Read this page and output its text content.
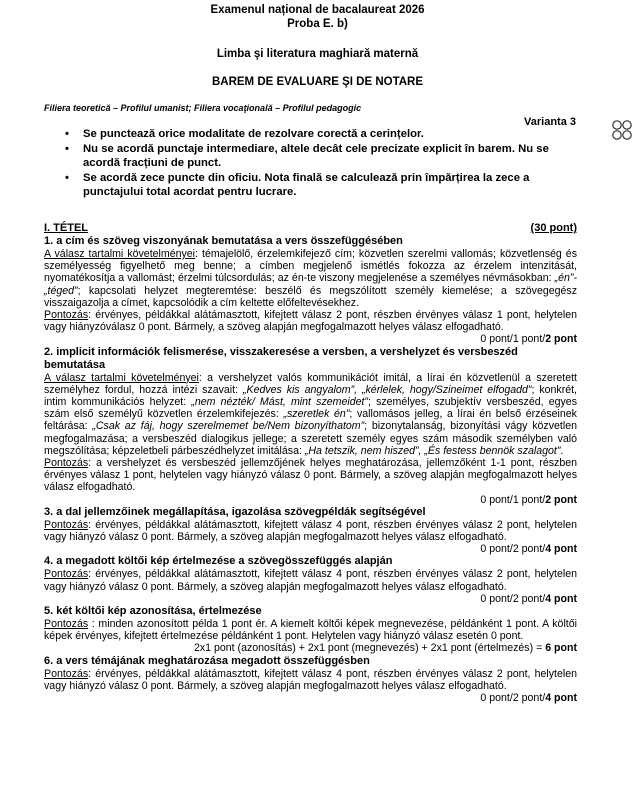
Examenul național de bacalaureat 2026
Proba E. b)
Limba şi literatura maghiară maternă
BAREM DE EVALUARE ŞI DE NOTARE
Filiera teoretică – Profilul umanist; Filiera vocaţională – Profilul pedagogic
Varianta 3
• Se punctează orice modalitate de rezolvare corectă a cerințelor.
• Nu se acordă punctaje intermediare, altele decât cele precizate explicit în barem. Nu se acordă fracțiuni de punct.
• Se acordă zece puncte din oficiu. Nota finală se calculează prin împărțirea la zece a punctajului total acordat pentru lucrare.
I. TÉTEL	(30 pont)
1. a cím és szöveg viszonyának bemutatása a vers összefüggésében
A válasz tartalmi követelményei: témajelölő, érzelemkifejező cím; közvetlen szerelmi vallomás; közvetlenség és személyesség figyelhető meg benne; a címben megjelenő ismétlés fokozza az érzelem intenzitását, nyomatékosítja a vallomást; érzelmi túlcsordulás; az én-te viszony megjelenése a személyes névmásokban: „én”-„téged”; kapcsolati helyzet megteremtése: beszélő és megszólított személy kiemelése; a szövegegész visszaigazolja a címet, kapcsolódik a cím keltette előfeltevésekhez.
Pontozás: érvényes, példákkal alátámasztott, kifejtett válasz 2 pont, részben érvényes válasz 1 pont, helytelen vagy hiányzóválasz 0 pont. Bármely, a szöveg alapján megfogalmazott helyes válasz elfogadható.
0 pont/1 pont/2 pont
2. implicit információk felismerése, visszakeresése a versben, a vershelyzet és versbeszéd bemutatása
A válasz tartalmi követelményei: a vershelyzet valós kommunikációt imitál, a lírai én közvetlenül a szeretett személyhez fordul, hozzá intézi szavait: „Kedves kis angyalom”, „kérlelek, hogy/Szineimet elfogadd”; konkrét, intim kommunikációs helyzet: „nem nézték/ Mást, mint szemeidet”; személyes, szubjektív versbeszéd, egyes szám első személyű közvetlen érzelemkifejezés: „szeretlek én”; vallomásos jelleg, a lírai én belső érzéseinek feltárása: „Csak az fáj, hogy szerelmemet be/Nem bizonyíthatom”; bizonytalanság, bizonyítási vágy közvetlen megfogalmazása; a versbeszéd dialogikus jellege; a szeretett személy egyes szám második személyben való megszólítása; képzeletbeli párbeszédhelyzet imitálása: „Ha tetszik, nem hiszed”, „És festess bennök szalagot”.
Pontozás: a vershelyzet és versbeszéd jellemzőjének helyes meghatározása, jellemzőként 1-1 pont, részben érvényes válasz 1 pont, helytelen vagy hiányzó válasz 0 pont. Bármely, a szöveg alapján megfogalmazott helyes válasz elfogadható.
0 pont/1 pont/2 pont
3. a dal jellemzőinek megállapítása, igazolása szövegpéldák segítségével
Pontozás: érvényes, példákkal alátámasztott, kifejtett válasz 4 pont, részben érvényes válasz 2 pont, helytelen vagy hiányzó válasz 0 pont. Bármely, a szöveg alapján megfogalmazott helyes válasz elfogadható.
0 pont/2 pont/4 pont
4. a megadott költői kép értelmezése a szövegösszefüggés alapján
Pontozás: érvényes, példákkal alátámasztott, kifejtett válasz 4 pont, részben érvényes válasz 2 pont, helytelen vagy hiányzó válasz 0 pont. Bármely, a szöveg alapján megfogalmazott helyes válasz elfogadható.
0 pont/2 pont/4 pont
5. két költői kép azonosítása, értelmezése
Pontozás : minden azonosított példa 1 pont ér. A kiemelt költői képek megnevezése, példánként 1 pont. A költői képek érvényes, kifejtett értelmezése példánként 1 pont. Helytelen vagy hiányzó válasz esetén 0 pont.
2x1 pont (azonosítás) + 2x1 pont (megnevezés) + 2x1 pont (értelmezés) = 6 pont
6. a vers témájának meghatározása megadott összefüggésben
Pontozás: érvényes, példákkal alátámasztott, kifejtett válasz 4 pont, részben érvényes válasz 2 pont, helytelen vagy hiányzó válasz 0 pont. Bármely, a szöveg alapján megfogalmazott helyes válasz elfogadható.
0 pont/2 pont/4 pont
